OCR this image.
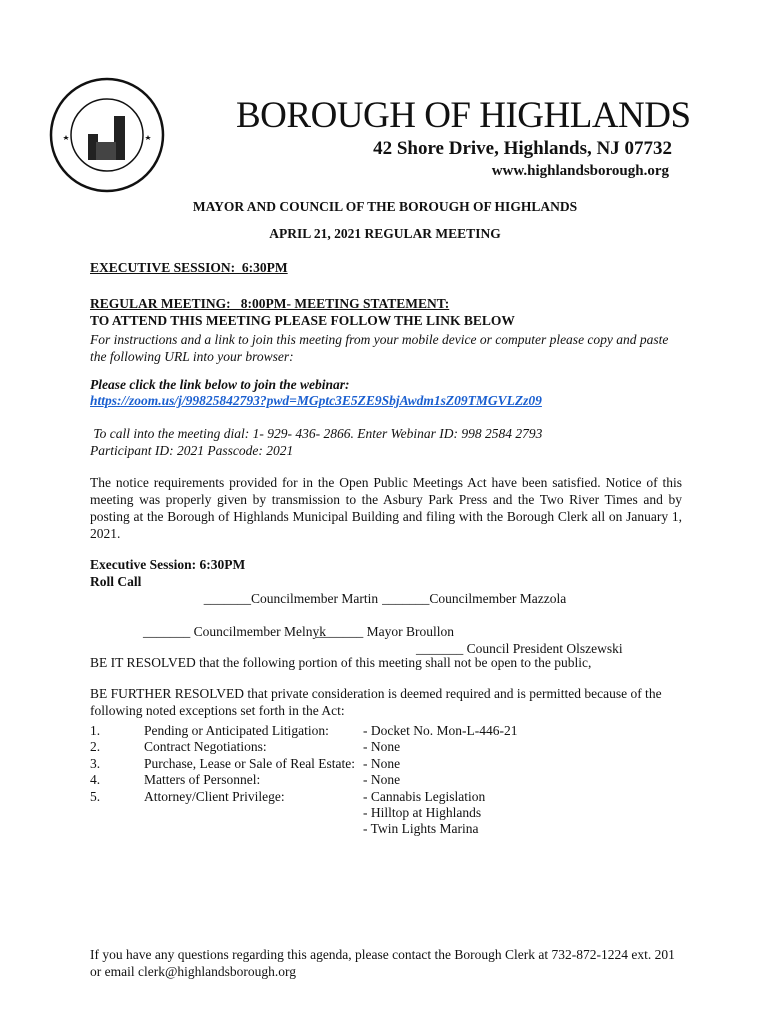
BOROUGH OF HIGHLANDS
42 Shore Drive, Highlands, NJ 07732
www.highlandsborough.org
MAYOR AND COUNCIL OF THE BOROUGH OF HIGHLANDS
APRIL 21, 2021 REGULAR MEETING
EXECUTIVE SESSION:  6:30PM
REGULAR MEETING:   8:00PM- MEETING STATEMENT:
TO ATTEND THIS MEETING PLEASE FOLLOW THE LINK BELOW
For instructions and a link to join this meeting from your mobile device or computer please copy and paste the following URL into your browser:
Please click the link below to join the webinar:
https://zoom.us/j/99825842793?pwd=MGptc3E5ZE9SbjAwdm1sZ09TMGVLZz09
To call into the meeting dial: 1- 929- 436- 2866. Enter Webinar ID: 998 2584 2793
Participant ID: 2021 Passcode: 2021
The notice requirements provided for in the Open Public Meetings Act have been satisfied. Notice of this meeting was properly given by transmission to the Asbury Park Press and the Two River Times and by posting at the Borough of Highlands Municipal Building and filing with the Borough Clerk all on January 1, 2021.
Executive Session: 6:30PM
Roll Call
_______Councilmember Martin _______Councilmember Mazzola

_______ Councilmember Melnyk

_______ Council President Olszewski

_______ Mayor Broullon
BE IT RESOLVED that the following portion of this meeting shall not be open to the public,
BE FURTHER RESOLVED that private consideration is deemed required and is permitted because of the following noted exceptions set forth in the Act:
1.	Pending or Anticipated Litigation:	- Docket No. Mon-L-446-21
2.	Contract Negotiations:	- None
3.	Purchase, Lease or Sale of Real Estate: - None
4.	Matters of Personnel:	- None
5.	Attorney/Client Privilege:	- Cannabis Legislation
- Hilltop at Highlands
- Twin Lights Marina
If you have any questions regarding this agenda, please contact the Borough Clerk at 732-872-1224 ext. 201 or email clerk@highlandsborough.org
